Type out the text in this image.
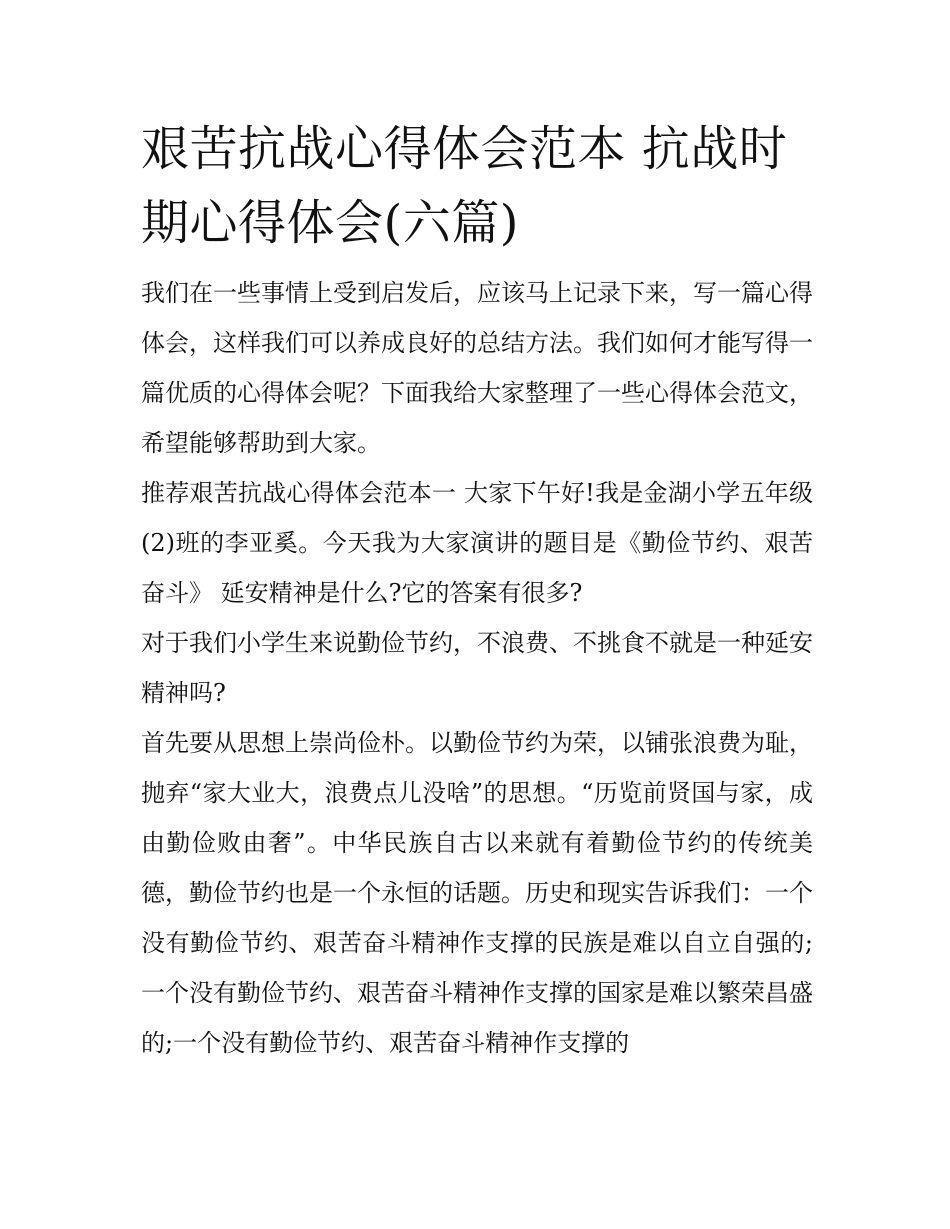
艰苦抗战心得体会范本 抗战时期心得体会(六篇)

我们在一些事情上受到启发后，应该马上记录下来，写一篇心得体会，这样我们可以养成良好的总结方法。我们如何才能写得一篇优质的心得体会呢？下面我给大家整理了一些心得体会范文，希望能够帮助到大家。

推荐艰苦抗战心得体会范本一 大家下午好!我是金湖小学五年级(2)班的李亚奚。今天我为大家演讲的题目是《勤俭节约、艰苦奋斗》 延安精神是什么?它的答案有很多?

对于我们小学生来说勤俭节约，不浪费、不挑食不就是一种延安精神吗?

首先要从思想上崇尚俭朴。以勤俭节约为荣，以铺张浪费为耻，抛弃“家大业大，浪费点儿没啥”的思想。“历览前贤国与家，成由勤俭败由奢”。中华民族自古以来就有着勤俭节约的传统美德，勤俭节约也是一个永恒的话题。历史和现实告诉我们：一个没有勤俭节约、艰苦奋斗精神作支撑的民族是难以自立自强的;一个没有勤俭节约、艰苦奋斗精神作支撑的国家是难以繁荣昌盛的;一个没有勤俭节约、艰苦奋斗精神作支撑的
